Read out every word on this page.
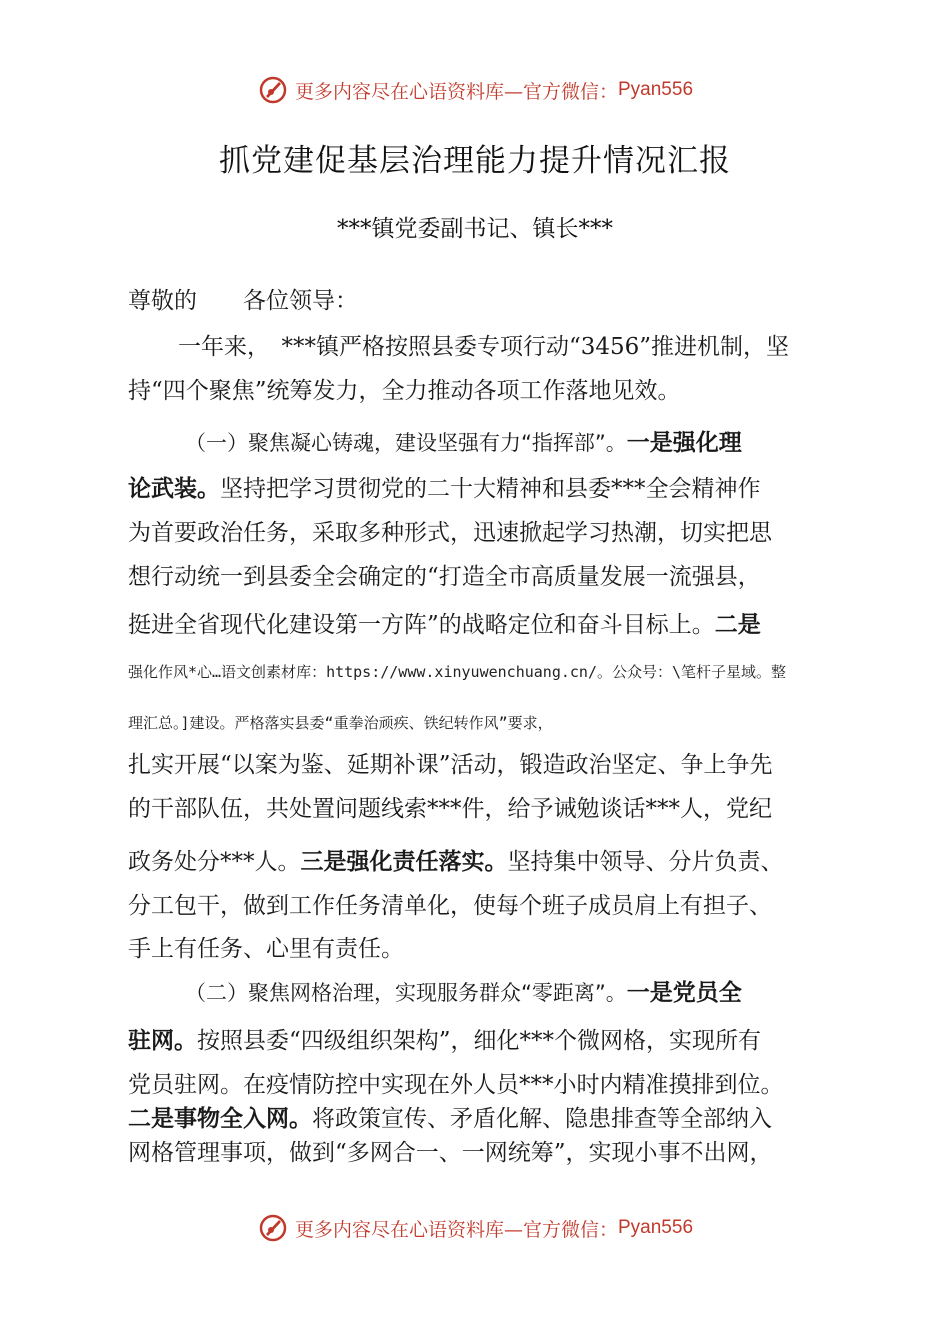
更多内容尽在心语资料库—官方微信： Pyan556
抓党建促基层治理能力提升情况汇报
***镇党委副书记、镇长***
尊敬的　　各位领导：
一年来，　***镇严格按照县委专项行动“3456”推进机制，坚
持“四个聚焦”统筹发力，全力推动各项工作落地见效。
（一）聚焦凝心铸魂，建设坚强有力“指挥部”。一是强化理
论武装。坚持把学习贯彻党的二十大精神和县委***全会精神作
为首要政治任务，采取多种形式，迅速掀起学习热潮，切实把思
想行动统一到县委全会确定的“打造全市高质量发展一流强县，
挺进全省现代化建设第一方阵”的战略定位和奋斗目标上。二是
强化作风*心…语文创素材库：https://www.xinyuwenchuang.cn/。公众号：\笔杆子星域。整
理汇总。]建设。严格落实县委“重拳治顽疾、铁纪转作风”要求，
扎实开展“以案为鉴、延期补课”活动，锻造政治坚定、争上争先
的干部队伍，共处置问题线索***件，给予诫勉谈话***人，党纪
政务处分***人。三是强化责任落实。坚持集中领导、分片负责、
分工包干，做到工作任务清单化，使每个班子成员肩上有担子、
手上有任务、心里有责任。
（二）聚焦网格治理，实现服务群众“零距离”。一是党员全
驻网。按照县委“四级组织架构”，细化***个微网格，实现所有
党员驻网。在疫情防控中实现在外人员***小时内精准摸排到位。
二是事物全入网。将政策宣传、矛盾化解、隐患排查等全部纳入
网格管理事项，做到“多网合一、一网统筹”，实现小事不出网，
更多内容尽在心语资料库—官方微信： Pyan556
